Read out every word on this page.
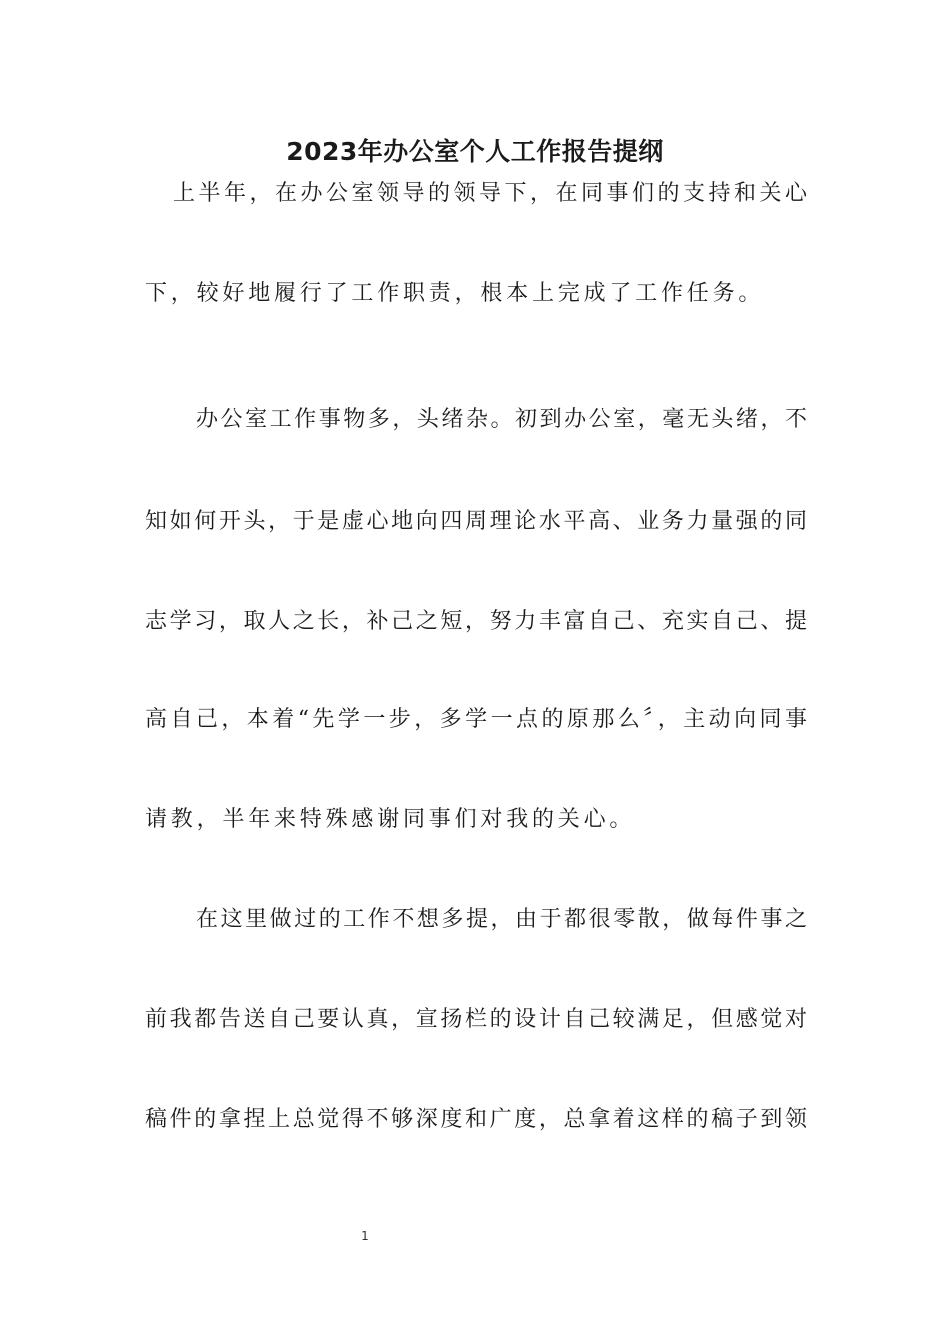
2023年办公室个人工作报告提纲

上半年，在办公室领导的领导下，在同事们的支持和关心

下，较好地履行了工作职责，根本上完成了工作任务。

办公室工作事物多，头绪杂。初到办公室，毫无头绪，不

知如何开头，于是虚心地向四周理论水平高、业务力量强的同

志学习，取人之长，补己之短，努力丰富自己、充实自己、提

高自己，本着“先学一步，多学一点的原那么〞，主动向同事

请教，半年来特殊感谢同事们对我的关心。

在这里做过的工作不想多提，由于都很零散，做每件事之

前我都告送自己要认真，宣扬栏的设计自己较满足，但感觉对

稿件的拿捏上总觉得不够深度和广度，总拿着这样的稿子到领

1
